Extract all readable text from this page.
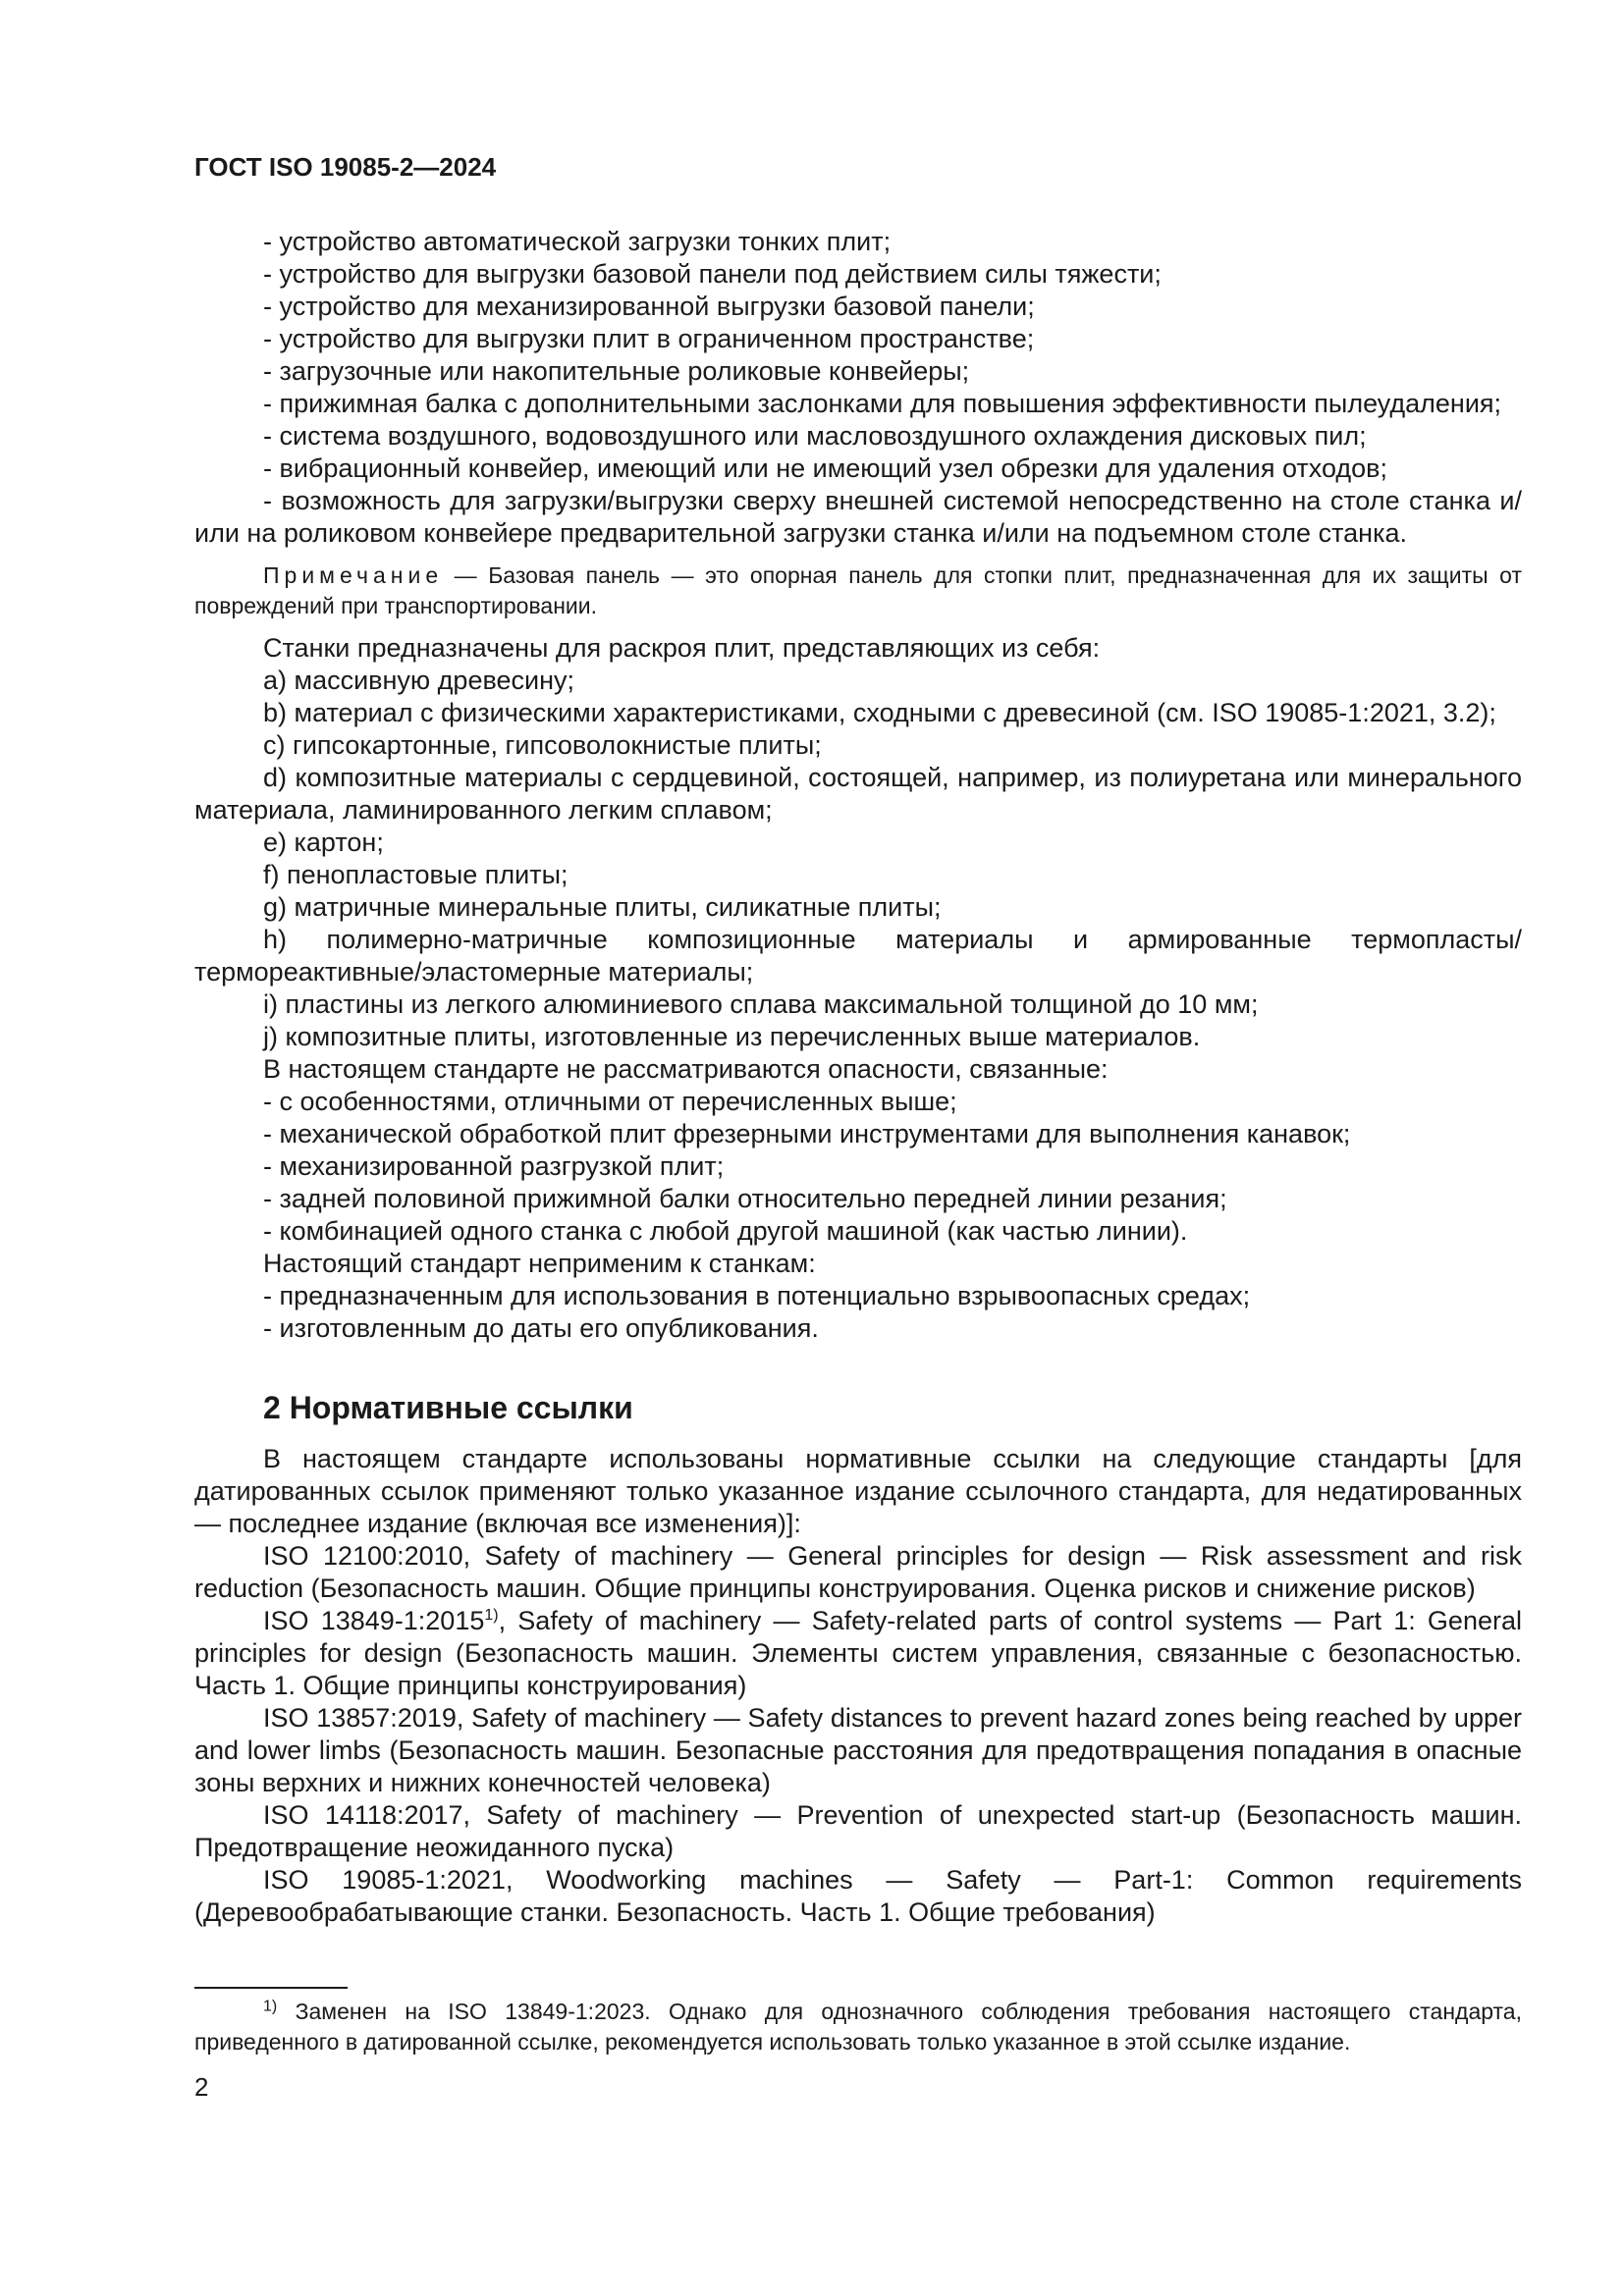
ГОСТ ISO 19085-2—2024

- устройство автоматической загрузки тонких плит;

- устройство для выгрузки базовой панели под действием силы тяжести;

- устройство для механизированной выгрузки базовой панели;

- устройство для выгрузки плит в ограниченном пространстве;

- загрузочные или накопительные роликовые конвейеры;

- прижимная балка с дополнительными заслонками для повышения эффективности пылеудаления;

- система воздушного, водовоздушного или масловоздушного охлаждения дисковых пил;

- вибрационный конвейер, имеющий или не имеющий узел обрезки для удаления отходов;

- возможность для загрузки/выгрузки сверху внешней системой непосредственно на столе станка и/или на роликовом конвейере предварительной загрузки станка и/или на подъемном столе станка.

Примечание — Базовая панель — это опорная панель для стопки плит, предназначенная для их защиты от повреждений при транспортировании.

Станки предназначены для раскроя плит, представляющих из себя:

a) массивную древесину;

b) материал с физическими характеристиками, сходными с древесиной (см. ISO 19085-1:2021, 3.2);

c) гипсокартонные, гипсоволокнистые плиты;

d) композитные материалы с сердцевиной, состоящей, например, из полиуретана или минерального материала, ламинированного легким сплавом;

e) картон;

f) пенопластовые плиты;

g) матричные минеральные плиты, силикатные плиты;

h) полимерно-матричные композиционные материалы и армированные термопласты/термореактивные/эластомерные материалы;

i) пластины из легкого алюминиевого сплава максимальной толщиной до 10 мм;

j) композитные плиты, изготовленные из перечисленных выше материалов.

В настоящем стандарте не рассматриваются опасности, связанные:

- с особенностями, отличными от перечисленных выше;

- механической обработкой плит фрезерными инструментами для выполнения канавок;

- механизированной разгрузкой плит;

- задней половиной прижимной балки относительно передней линии резания;

- комбинацией одного станка с любой другой машиной (как частью линии).

Настоящий стандарт неприменим к станкам:

- предназначенным для использования в потенциально взрывоопасных средах;

- изготовленным до даты его опубликования.

2 Нормативные ссылки

В настоящем стандарте использованы нормативные ссылки на следующие стандарты [для датированных ссылок применяют только указанное издание ссылочного стандарта, для недатированных — последнее издание (включая все изменения)]:

ISO 12100:2010, Safety of machinery — General principles for design — Risk assessment and risk reduction (Безопасность машин. Общие принципы конструирования. Оценка рисков и снижение рисков)

ISO 13849-1:2015$^{1)}$, Safety of machinery — Safety-related parts of control systems — Part 1: General principles for design (Безопасность машин. Элементы систем управления, связанные с безопасностью. Часть 1. Общие принципы конструирования)

ISO 13857:2019, Safety of machinery — Safety distances to prevent hazard zones being reached by upper and lower limbs (Безопасность машин. Безопасные расстояния для предотвращения попадания в опасные зоны верхних и нижних конечностей человека)

ISO 14118:2017, Safety of machinery — Prevention of unexpected start-up (Безопасность машин. Предотвращение неожиданного пуска)

ISO 19085-1:2021, Woodworking machines — Safety — Part-1: Common requirements (Деревообрабатывающие станки. Безопасность. Часть 1. Общие требования)

$^{1)}$ Заменен на ISO 13849-1:2023. Однако для однозначного соблюдения требования настоящего стандарта, приведенного в датированной ссылке, рекомендуется использовать только указанное в этой ссылке издание.

2
